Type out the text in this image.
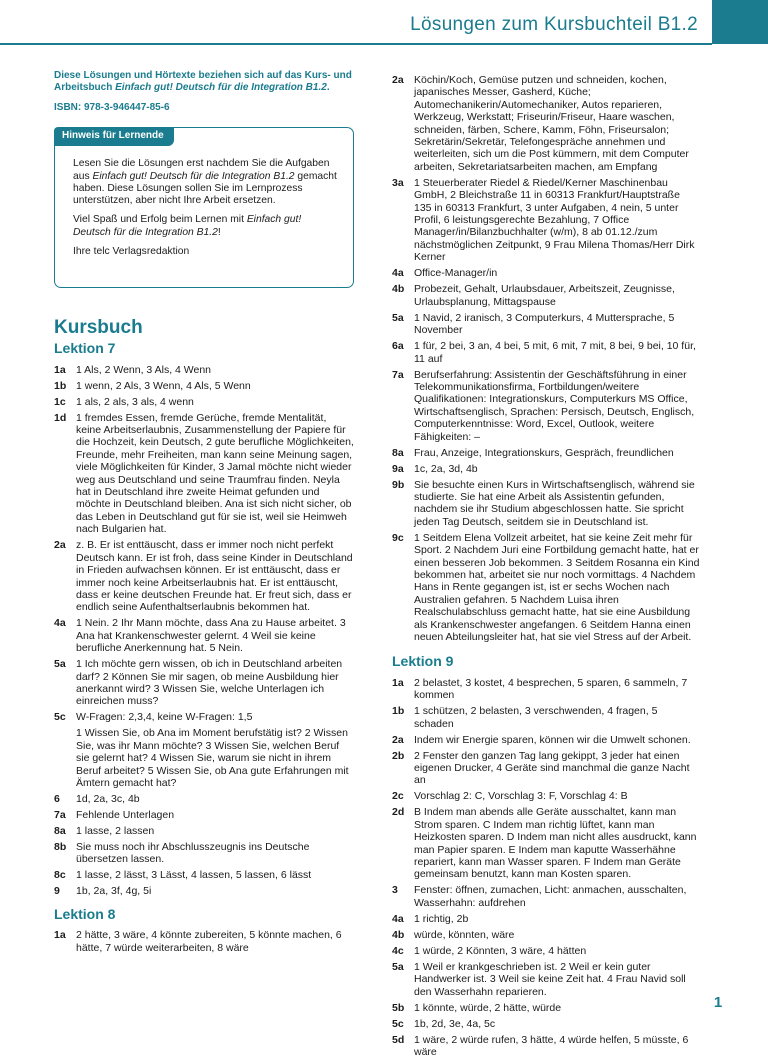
Lösungen zum Kursbuchteil B1.2
Diese Lösungen und Hörtexte beziehen sich auf das Kurs- und
Arbeitsbuch Einfach gut! Deutsch für die Integration B1.2.
ISBN: 978-3-946447-85-6
Hinweis für Lernende

Lesen Sie die Lösungen erst nachdem Sie die Aufgaben aus Einfach gut! Deutsch für die Integration B1.2 gemacht haben. Diese Lösungen sollen Sie im Lernprozess unterstützen, aber nicht Ihre Arbeit ersetzen.

Viel Spaß und Erfolg beim Lernen mit Einfach gut! Deutsch für die Integration B1.2!

Ihre telc Verlagsredaktion

Kursbuch
Lektion 7
1a 1 Als, 2 Wenn, 3 Als, 4 Wenn
1b 1 wenn, 2 Als, 3 Wenn, 4 Als, 5 Wenn
1c 1 als, 2 als, 3 als, 4 wenn
1d 1 fremdes Essen, fremde Gerüche, fremde Mentalität, keine Arbeitserlaubnis, Zusammenstellung der Papiere für die Hochzeit, kein Deutsch, 2 gute berufliche Möglichkeiten, Freunde, mehr Freiheiten, man kann seine Meinung sagen, viele Möglichkeiten für Kinder, 3 Jamal möchte nicht wieder weg aus Deutschland und seine Traumfrau finden. Neyla hat in Deutschland ihre zweite Heimat gefunden und möchte in Deutschland bleiben. Ana ist sich nicht sicher, ob das Leben in Deutschland gut für sie ist, weil sie Heimweh nach Bulgarien hat.
2a z. B. Er ist enttäuscht, dass er immer noch nicht perfekt Deutsch kann. Er ist froh, dass seine Kinder in Deutschland in Frieden aufwachsen können. Er ist enttäuscht, dass er immer noch keine Arbeitserlaubnis hat. Er ist enttäuscht, dass er keine deutschen Freunde hat. Er freut sich, dass er endlich seine Aufenthaltserlaubnis bekommen hat.
4a 1 Nein. 2 Ihr Mann möchte, dass Ana zu Hause arbeitet. 3 Ana hat Krankenschwester gelernt. 4 Weil sie keine berufliche Anerkennung hat. 5 Nein.
5a 1 Ich möchte gern wissen, ob ich in Deutschland arbeiten darf? 2 Können Sie mir sagen, ob meine Ausbildung hier anerkannt wird? 3 Wissen Sie, welche Unterlagen ich einreichen muss?
5c W-Fragen: 2,3,4, keine W-Fragen: 1,5
1 Wissen Sie, ob Ana im Moment berufstätig ist? 2 Wissen Sie, was ihr Mann möchte? 3 Wissen Sie, welchen Beruf sie gelernt hat? 4 Wissen Sie, warum sie nicht in ihrem Beruf arbeitet? 5 Wissen Sie, ob Ana gute Erfahrungen mit Ämtern gemacht hat?
6	1d, 2a, 3c, 4b
7a Fehlende Unterlagen
8a 1 lasse, 2 lassen
8b Sie muss noch ihr Abschlusszeugnis ins Deutsche übersetzen lassen.
8c 1 lasse, 2 lässt, 3 Lässt, 4 lassen, 5 lassen, 6 lässt
9	1b, 2a, 3f, 4g, 5i
Lektion 8
1a 2 hätte, 3 wäre, 4 könnte zubereiten, 5 könnte machen, 6 hätte, 7 würde weiterarbeiten, 8 wäre
2a Köchin/Koch, Gemüse putzen und schneiden, kochen, japanisches Messer, Gasherd, Küche; Automechanikerin/Automechaniker, Autos reparieren, Werkzeug, Werkstatt; Friseurin/Friseur, Haare waschen, schneiden, färben, Schere, Kamm, Föhn, Friseursalon; Sekretärin/Sekretär, Telefongespräche annehmen und weiterleiten, sich um die Post kümmern, mit dem Computer arbeiten, Sekretariatsarbeiten machen, am Empfang
3a 1 Steuerberater Riedel & Riedel/Kerner Maschinenbau GmbH, 2 Bleichstraße 11 in 60313 Frankfurt/Hauptstraße 135 in 60313 Frankfurt, 3 unter Aufgaben, 4 nein, 5 unter Profil, 6 leistungsgerechte Bezahlung, 7 Office Manager/in/Bilanzbuchhalter (w/m), 8 ab 01.12./zum nächstmöglichen Zeitpunkt, 9 Frau Milena Thomas/Herr Dirk Kerner
4a Office-Manager/in
4b Probezeit, Gehalt, Urlaubsdauer, Arbeitszeit, Zeugnisse, Urlaubsplanung, Mittagspause
5a 1 Navid, 2 iranisch, 3 Computerkurs, 4 Muttersprache, 5 November
6a 1 für, 2 bei, 3 an, 4 bei, 5 mit, 6 mit, 7 mit, 8 bei, 9 bei, 10 für, 11 auf
7a Berufserfahrung: Assistentin der Geschäftsführung in einer Telekommunikationsfirma, Fortbildungen/weitere Qualifikationen: Integrationskurs, Computerkurs MS Office, Wirtschaftsenglisch, Sprachen: Persisch, Deutsch, Englisch, Computerkenntnisse: Word, Excel, Outlook, weitere Fähigkeiten: –
8a Frau, Anzeige, Integrationskurs, Gespräch, freundlichen
9a 1c, 2a, 3d, 4b
9b Sie besuchte einen Kurs in Wirtschaftsenglisch, während sie studierte. Sie hat eine Arbeit als Assistentin gefunden, nachdem sie ihr Studium abgeschlossen hatte. Sie spricht jeden Tag Deutsch, seitdem sie in Deutschland ist.
9c 1 Seitdem Elena Vollzeit arbeitet, hat sie keine Zeit mehr für Sport. 2 Nachdem Juri eine Fortbildung gemacht hatte, hat er einen besseren Job bekommen. 3 Seitdem Rosanna ein Kind bekommen hat, arbeitet sie nur noch vormittags. 4 Nachdem Hans in Rente gegangen ist, ist er sechs Wochen nach Australien gefahren. 5 Nachdem Luisa ihren Realschulabschluss gemacht hatte, hat sie eine Ausbildung als Krankenschwester angefangen. 6 Seitdem Hanna einen neuen Abteilungsleiter hat, hat sie viel Stress auf der Arbeit.
Lektion 9
1a 2 belastet, 3 kostet, 4 besprechen, 5 sparen, 6 sammeln, 7 kommen
1b 1 schützen, 2 belasten, 3 verschwenden, 4 fragen, 5 schaden
2a Indem wir Energie sparen, können wir die Umwelt schonen.
2b 2 Fenster den ganzen Tag lang gekippt, 3 jeder hat einen eigenen Drucker, 4 Geräte sind manchmal die ganze Nacht an
2c Vorschlag 2: C, Vorschlag 3: F, Vorschlag 4: B
2d B Indem man abends alle Geräte ausschaltet, kann man Strom sparen. C Indem man richtig lüftet, kann man Heizkosten sparen. D Indem man nicht alles ausdruckt, kann man Papier sparen. E Indem man kaputte Wasserhähne repariert, kann man Wasser sparen. F Indem man Geräte gemeinsam benutzt, kann man Kosten sparen.
3	Fenster: öffnen, zumachen, Licht: anmachen, ausschalten, Wasserhahn: aufdrehen
4a 1 richtig, 2b
4b würde, könnten, wäre
4c 1 würde, 2 Könnten, 3 wäre, 4 hätten
5a 1 Weil er krankgeschrieben ist. 2 Weil er kein guter Handwerker ist. 3 Weil sie keine Zeit hat. 4 Frau Navid soll den Wasserhahn reparieren.
5b 1 könnte, würde, 2 hätte, würde
5c 1b, 2d, 3e, 4a, 5c
5d 1 wäre, 2 würde rufen, 3 hätte, 4 würde helfen, 5 müsste, 6 wäre
1
